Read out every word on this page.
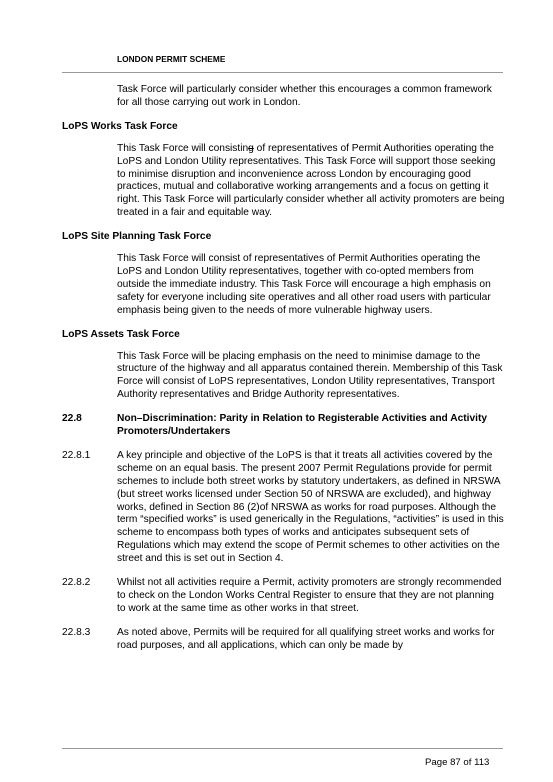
LONDON PERMIT SCHEME

Task Force will particularly consider whether this encourages a common framework for all those carrying out work in London.

LoPS Works Task Force

This Task Force will consisting of representatives of Permit Authorities operating the LoPS and London Utility representatives. This Task Force will support those seeking to minimise disruption and inconvenience across London by encouraging good practices, mutual and collaborative working arrangements and a focus on getting it right. This Task Force will particularly consider whether all activity promoters are being treated in a fair and equitable way.

LoPS Site Planning Task Force

This Task Force will consist of representatives of Permit Authorities operating the LoPS and London Utility representatives, together with co-opted members from outside the immediate industry. This Task Force will encourage a high emphasis on safety for everyone including site operatives and all other road users with particular emphasis being given to the needs of more vulnerable highway users.

LoPS Assets Task Force

This Task Force will be placing emphasis on the need to minimise damage to the structure of the highway and all apparatus contained therein. Membership of this Task Force will consist of LoPS representatives, London Utility representatives, Transport Authority representatives and Bridge Authority representatives.

22.8	Non–Discrimination: Parity in Relation to Registerable Activities and Activity Promoters/Undertakers
22.8.1	A key principle and objective of the LoPS is that it treats all activities covered by the scheme on an equal basis. The present 2007 Permit Regulations provide for permit schemes to include both street works by statutory undertakers, as defined in NRSWA (but street works licensed under Section 50 of NRSWA are excluded), and highway works, defined in Section 86 (2)of NRSWA as works for road purposes. Although the term “specified works” is used generically in the Regulations, “activities” is used in this scheme to encompass both types of works and anticipates subsequent sets of Regulations which may extend the scope of Permit schemes to other activities on the street and this is set out in Section 4.
22.8.2	Whilst not all activities require a Permit, activity promoters are strongly recommended to check on the London Works Central Register to ensure that they are not planning to work at the same time as other works in that street.
22.8.3	As noted above, Permits will be required for all qualifying street works and works for road purposes, and all applications, which can only be made by
Page 87 of 113
